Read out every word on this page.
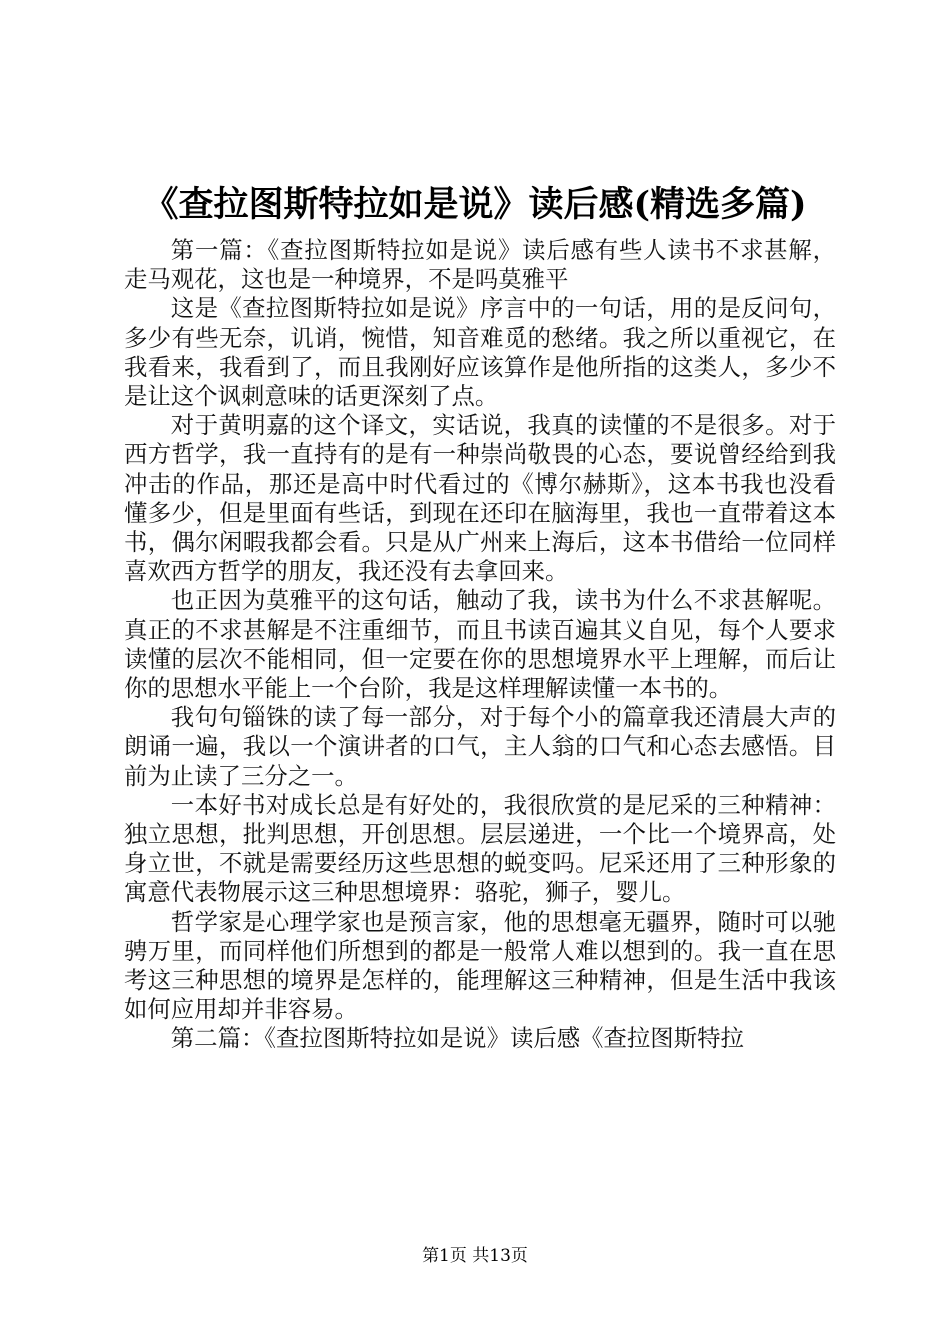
《查拉图斯特拉如是说》读后感(精选多篇)

第一篇：《查拉图斯特拉如是说》读后感有些人读书不求甚解，走马观花，这也是一种境界，不是吗莫雅平

这是《查拉图斯特拉如是说》序言中的一句话，用的是反问句，多少有些无奈，讥诮，惋惜，知音难觅的愁绪。我之所以重视它，在我看来，我看到了，而且我刚好应该算作是他所指的这类人，多少不是让这个讽刺意味的话更深刻了点。

对于黄明嘉的这个译文，实话说，我真的读懂的不是很多。对于西方哲学，我一直持有的是有一种崇尚敬畏的心态，要说曾经给到我冲击的作品，那还是高中时代看过的《博尔赫斯》，这本书我也没看懂多少，但是里面有些话，到现在还印在脑海里，我也一直带着这本书，偶尔闲暇我都会看。只是从广州来上海后，这本书借给一位同样喜欢西方哲学的朋友，我还没有去拿回来。

也正因为莫雅平的这句话，触动了我，读书为什么不求甚解呢。真正的不求甚解是不注重细节，而且书读百遍其义自见，每个人要求读懂的层次不能相同，但一定要在你的思想境界水平上理解，而后让你的思想水平能上一个台阶，我是这样理解读懂一本书的。

我句句锱铢的读了每一部分，对于每个小的篇章我还清晨大声的朗诵一遍，我以一个演讲者的口气，主人翁的口气和心态去感悟。目前为止读了三分之一。

一本好书对成长总是有好处的，我很欣赏的是尼采的三种精神：独立思想，批判思想，开创思想。层层递进，一个比一个境界高，处身立世，不就是需要经历这些思想的蜕变吗。尼采还用了三种形象的寓意代表物展示这三种思想境界：骆驼，狮子，婴儿。

哲学家是心理学家也是预言家，他的思想毫无疆界，随时可以驰骋万里，而同样他们所想到的都是一般常人难以想到的。我一直在思考这三种思想的境界是怎样的，能理解这三种精神，但是生活中我该如何应用却并非容易。

第二篇：《查拉图斯特拉如是说》读后感《查拉图斯特拉

第1页 共13页
